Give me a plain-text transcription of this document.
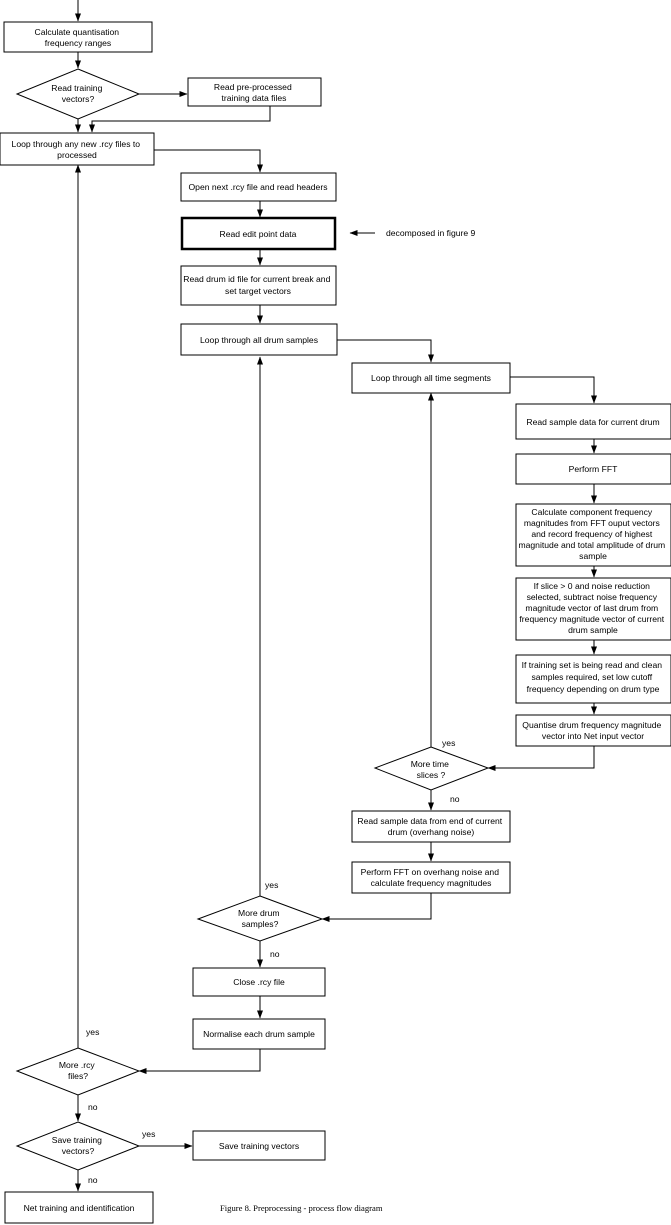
Calculate quantisation frequency ranges
Read pre-processed training data files
Loop through any new .rcy files to processed
Open next .rcy file and read headers
Read edit point data
Read drum id file for current break and set target vectors
Loop through all drum samples
Loop through all time segments
Read sample data for current drum
Perform FFT
Calculate component frequency magnitudes from FFT ouput vectors and record frequency of highest magnitude and total amplitude of drum sample
If slice > 0 and noise reduction selected, subtract noise frequency magnitude vector of last drum from frequency magnitude vector of current drum sample
If training set is being read and clean samples required, set low cutoff frequency depending on drum type
Quantise drum frequency magnitude vector into Net input vector
Read sample data from end of current drum (overhang noise)
Perform FFT on overhang noise and calculate frequency magnitudes
Close .rcy file
Normalise each drum sample
Save training vectors
Net training and identification
Read training vectors?
More time slices ?
More drum samples?
More .rcy files?
Save training vectors?
yes
no
yes
no
yes
no
yes
no
decomposed in figure 9
Figure 8. Preprocessing - process flow diagram
